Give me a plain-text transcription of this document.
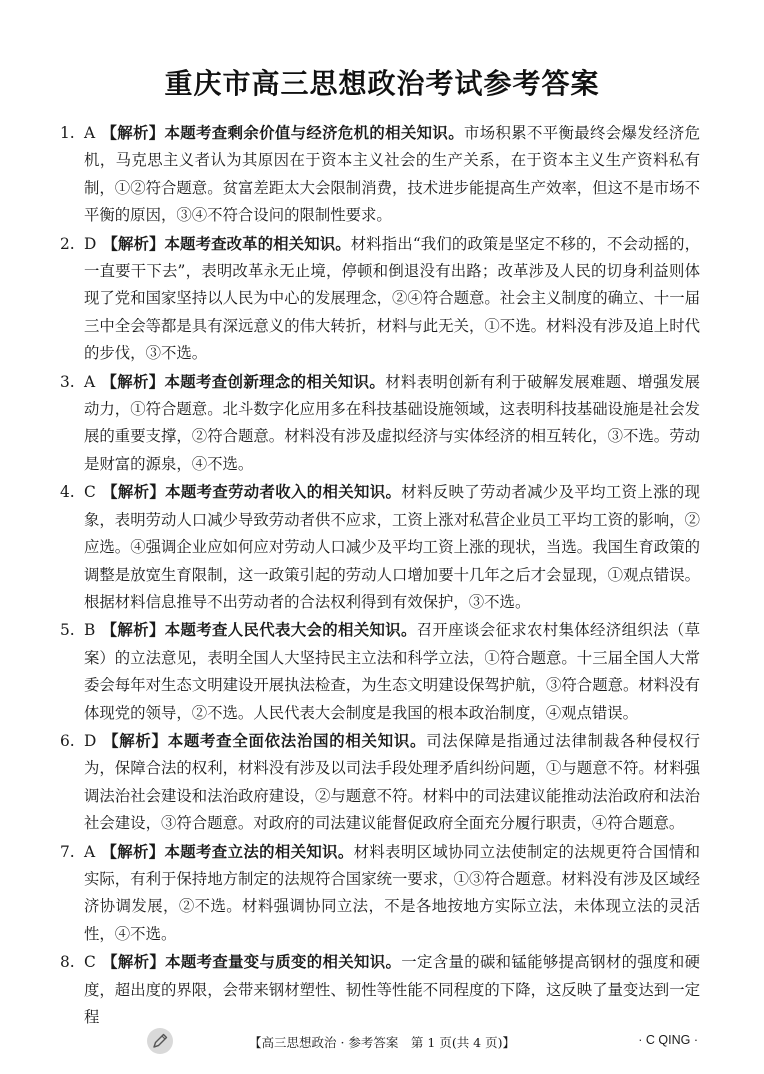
重庆市高三思想政治考试参考答案
1. A 【解析】本题考查剩余价值与经济危机的相关知识。市场积累不平衡最终会爆发经济危机，马克思主义者认为其原因在于资本主义社会的生产关系，在于资本主义生产资料私有制，①②符合题意。贫富差距太大会限制消费，技术进步能提高生产效率，但这不是市场不平衡的原因，③④不符合设问的限制性要求。
2. D 【解析】本题考查改革的相关知识。材料指出“我们的政策是坚定不移的，不会动摇的，一直要干下去”，表明改革永无止境，停顿和倒退没有出路；改革涉及人民的切身利益则体现了党和国家坚持以人民为中心的发展理念，②④符合题意。社会主义制度的确立、十一届三中全会等都是具有深远意义的伟大转折，材料与此无关，①不选。材料没有涉及追上时代的步伐，③不选。
3. A 【解析】本题考查创新理念的相关知识。材料表明创新有利于破解发展难题、增强发展动力，①符合题意。北斗数字化应用多在科技基础设施领域，这表明科技基础设施是社会发展的重要支撑，②符合题意。材料没有涉及虚拟经济与实体经济的相互转化，③不选。劳动是财富的源泉，④不选。
4. C 【解析】本题考查劳动者收入的相关知识。材料反映了劳动者减少及平均工资上涨的现象，表明劳动人口减少导致劳动者供不应求，工资上涨对私营企业员工平均工资的影响，②应选。④强调企业应如何应对劳动人口减少及平均工资上涨的现状，当选。我国生育政策的调整是放宽生育限制，这一政策引起的劳动人口增加要十几年之后才会显现，①观点错误。根据材料信息推导不出劳动者的合法权利得到有效保护，③不选。
5. B 【解析】本题考查人民代表大会的相关知识。召开座谈会征求农村集体经济组织法（草案）的立法意见，表明全国人大坚持民主立法和科学立法，①符合题意。十三届全国人大常委会每年对生态文明建设开展执法检查，为生态文明建设保驾护航，③符合题意。材料没有体现党的领导，②不选。人民代表大会制度是我国的根本政治制度，④观点错误。
6. D 【解析】本题考查全面依法治国的相关知识。司法保障是指通过法律制裁各种侵权行为，保障合法的权利，材料没有涉及以司法手段处理矛盾纠纷问题，①与题意不符。材料强调法治社会建设和法治政府建设，②与题意不符。材料中的司法建议能推动法治政府和法治社会建设，③符合题意。对政府的司法建议能督促政府全面充分履行职责，④符合题意。
7. A 【解析】本题考查立法的相关知识。材料表明区域协同立法使制定的法规更符合国情和实际，有利于保持地方制定的法规符合国家统一要求，①③符合题意。材料没有涉及区域经济协调发展，②不选。材料强调协同立法，不是各地按地方实际立法，未体现立法的灵活性，④不选。
8. C 【解析】本题考查量变与质变的相关知识。一定含量的碳和锰能够提高钢材的强度和硬度，超出度的界限，会带来钢材塑性、韧性等性能不同程度的下降，这反映了量变达到一定程
【高三思想政治 · 参考答案　第 1 页(共 4 页)】	· C QING ·
